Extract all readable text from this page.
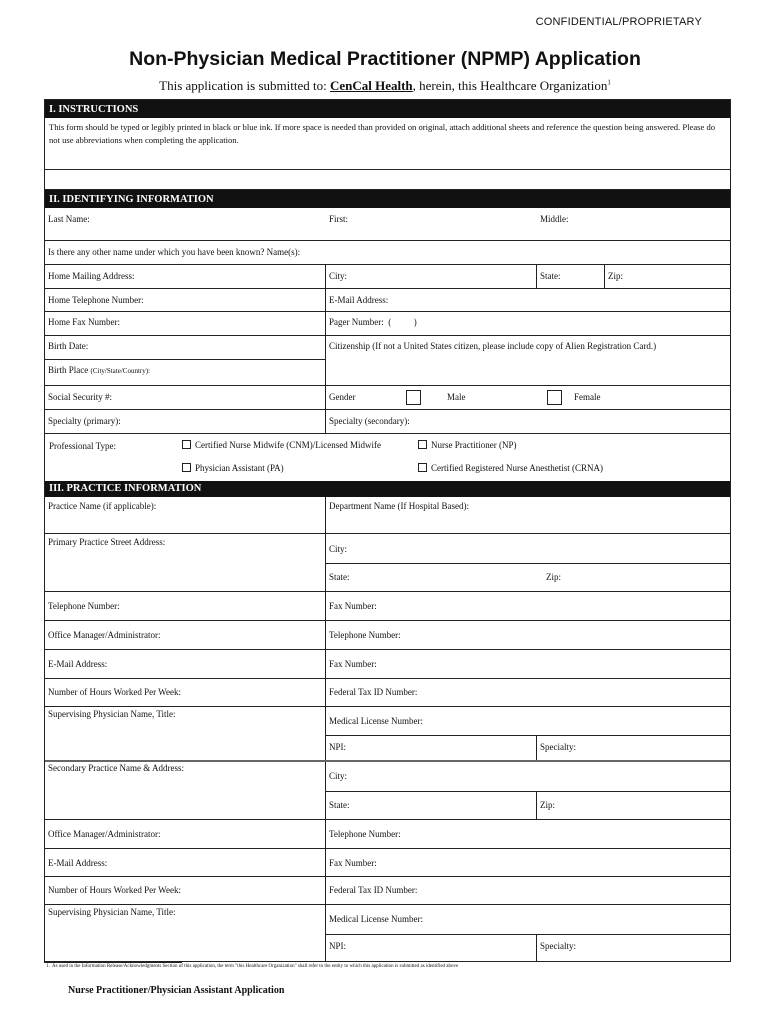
CONFIDENTIAL/PROPRIETARY
Non-Physician Medical Practitioner (NPMP) Application
This application is submitted to: CenCal Health, herein, this Healthcare Organization$^1$
I. INSTRUCTIONS
This form should be typed or legibly printed in black or blue ink. If more space is needed than provided on original, attach additional sheets and reference the question being answered. Please do not use abbreviations when completing the application.
II. IDENTIFYING INFORMATION
Last Name:	First:	Middle:
Is there any other name under which you have been known? Name(s):
Home Mailing Address:	City:	State:	Zip:
Home Telephone Number:	E-Mail Address:
Home Fax Number:	Pager Number:  (          )
Birth Date:
Birth Place (City/State/Country):
Citizenship (If not a United States citizen, please include copy of Alien Registration Card.)
Social Security #:	Gender	Male	Female
Specialty (primary):	Specialty (secondary):
Professional Type:	Certified Nurse Midwife (CNM)/Licensed Midwife	Nurse Practitioner (NP)
Physician Assistant (PA)	Certified Registered Nurse Anesthetist (CRNA)
III. PRACTICE INFORMATION
Practice Name (if applicable):	Department Name (If Hospital Based):
Primary Practice Street Address:
City:
State:	Zip:
Telephone Number:	Fax Number:
Office Manager/Administrator:	Telephone Number:
E-Mail Address:	Fax Number:
Number of Hours Worked Per Week:	Federal Tax ID Number:
Supervising Physician Name, Title:
Medical License Number:
NPI:	Specialty:
Secondary Practice Name & Address:
City:
State:	Zip:
Office Manager/Administrator:	Telephone Number:
E-Mail Address:	Fax Number:
Number of Hours Worked Per Week:	Federal Tax ID Number:
Supervising Physician Name, Title:
Medical License Number:
NPI:	Specialty:
1.  As used in the Information Release/Acknowledgments Section of this application, the term "this Healthcare Organization" shall refer to the entity to which this application is submitted as identified above
Nurse Practitioner/Physician Assistant Application
